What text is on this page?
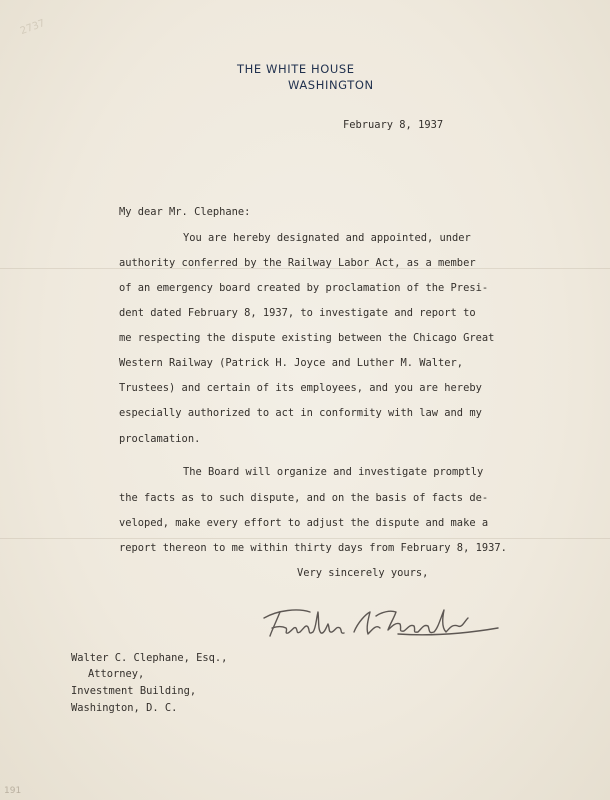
2737
THE WHITE HOUSE
WASHINGTON
February 8, 1937
My dear Mr. Clephane:
You are hereby designated and appointed, under
authority conferred by the Railway Labor Act, as a member
of an emergency board created by proclamation of the Presi-
dent dated February 8, 1937, to investigate and report to
me respecting the dispute existing between the Chicago Great
Western Railway (Patrick H. Joyce and Luther M. Walter,
Trustees) and certain of its employees, and you are hereby
especially authorized to act in conformity with law and my
proclamation.
The Board will organize and investigate promptly
the facts as to such dispute, and on the basis of facts de-
veloped, make every effort to adjust the dispute and make a
report thereon to me within thirty days from February 8, 1937.
Very sincerely yours,
Walter C. Clephane, Esq.,
Attorney,
Investment Building,
Washington, D. C.
191
